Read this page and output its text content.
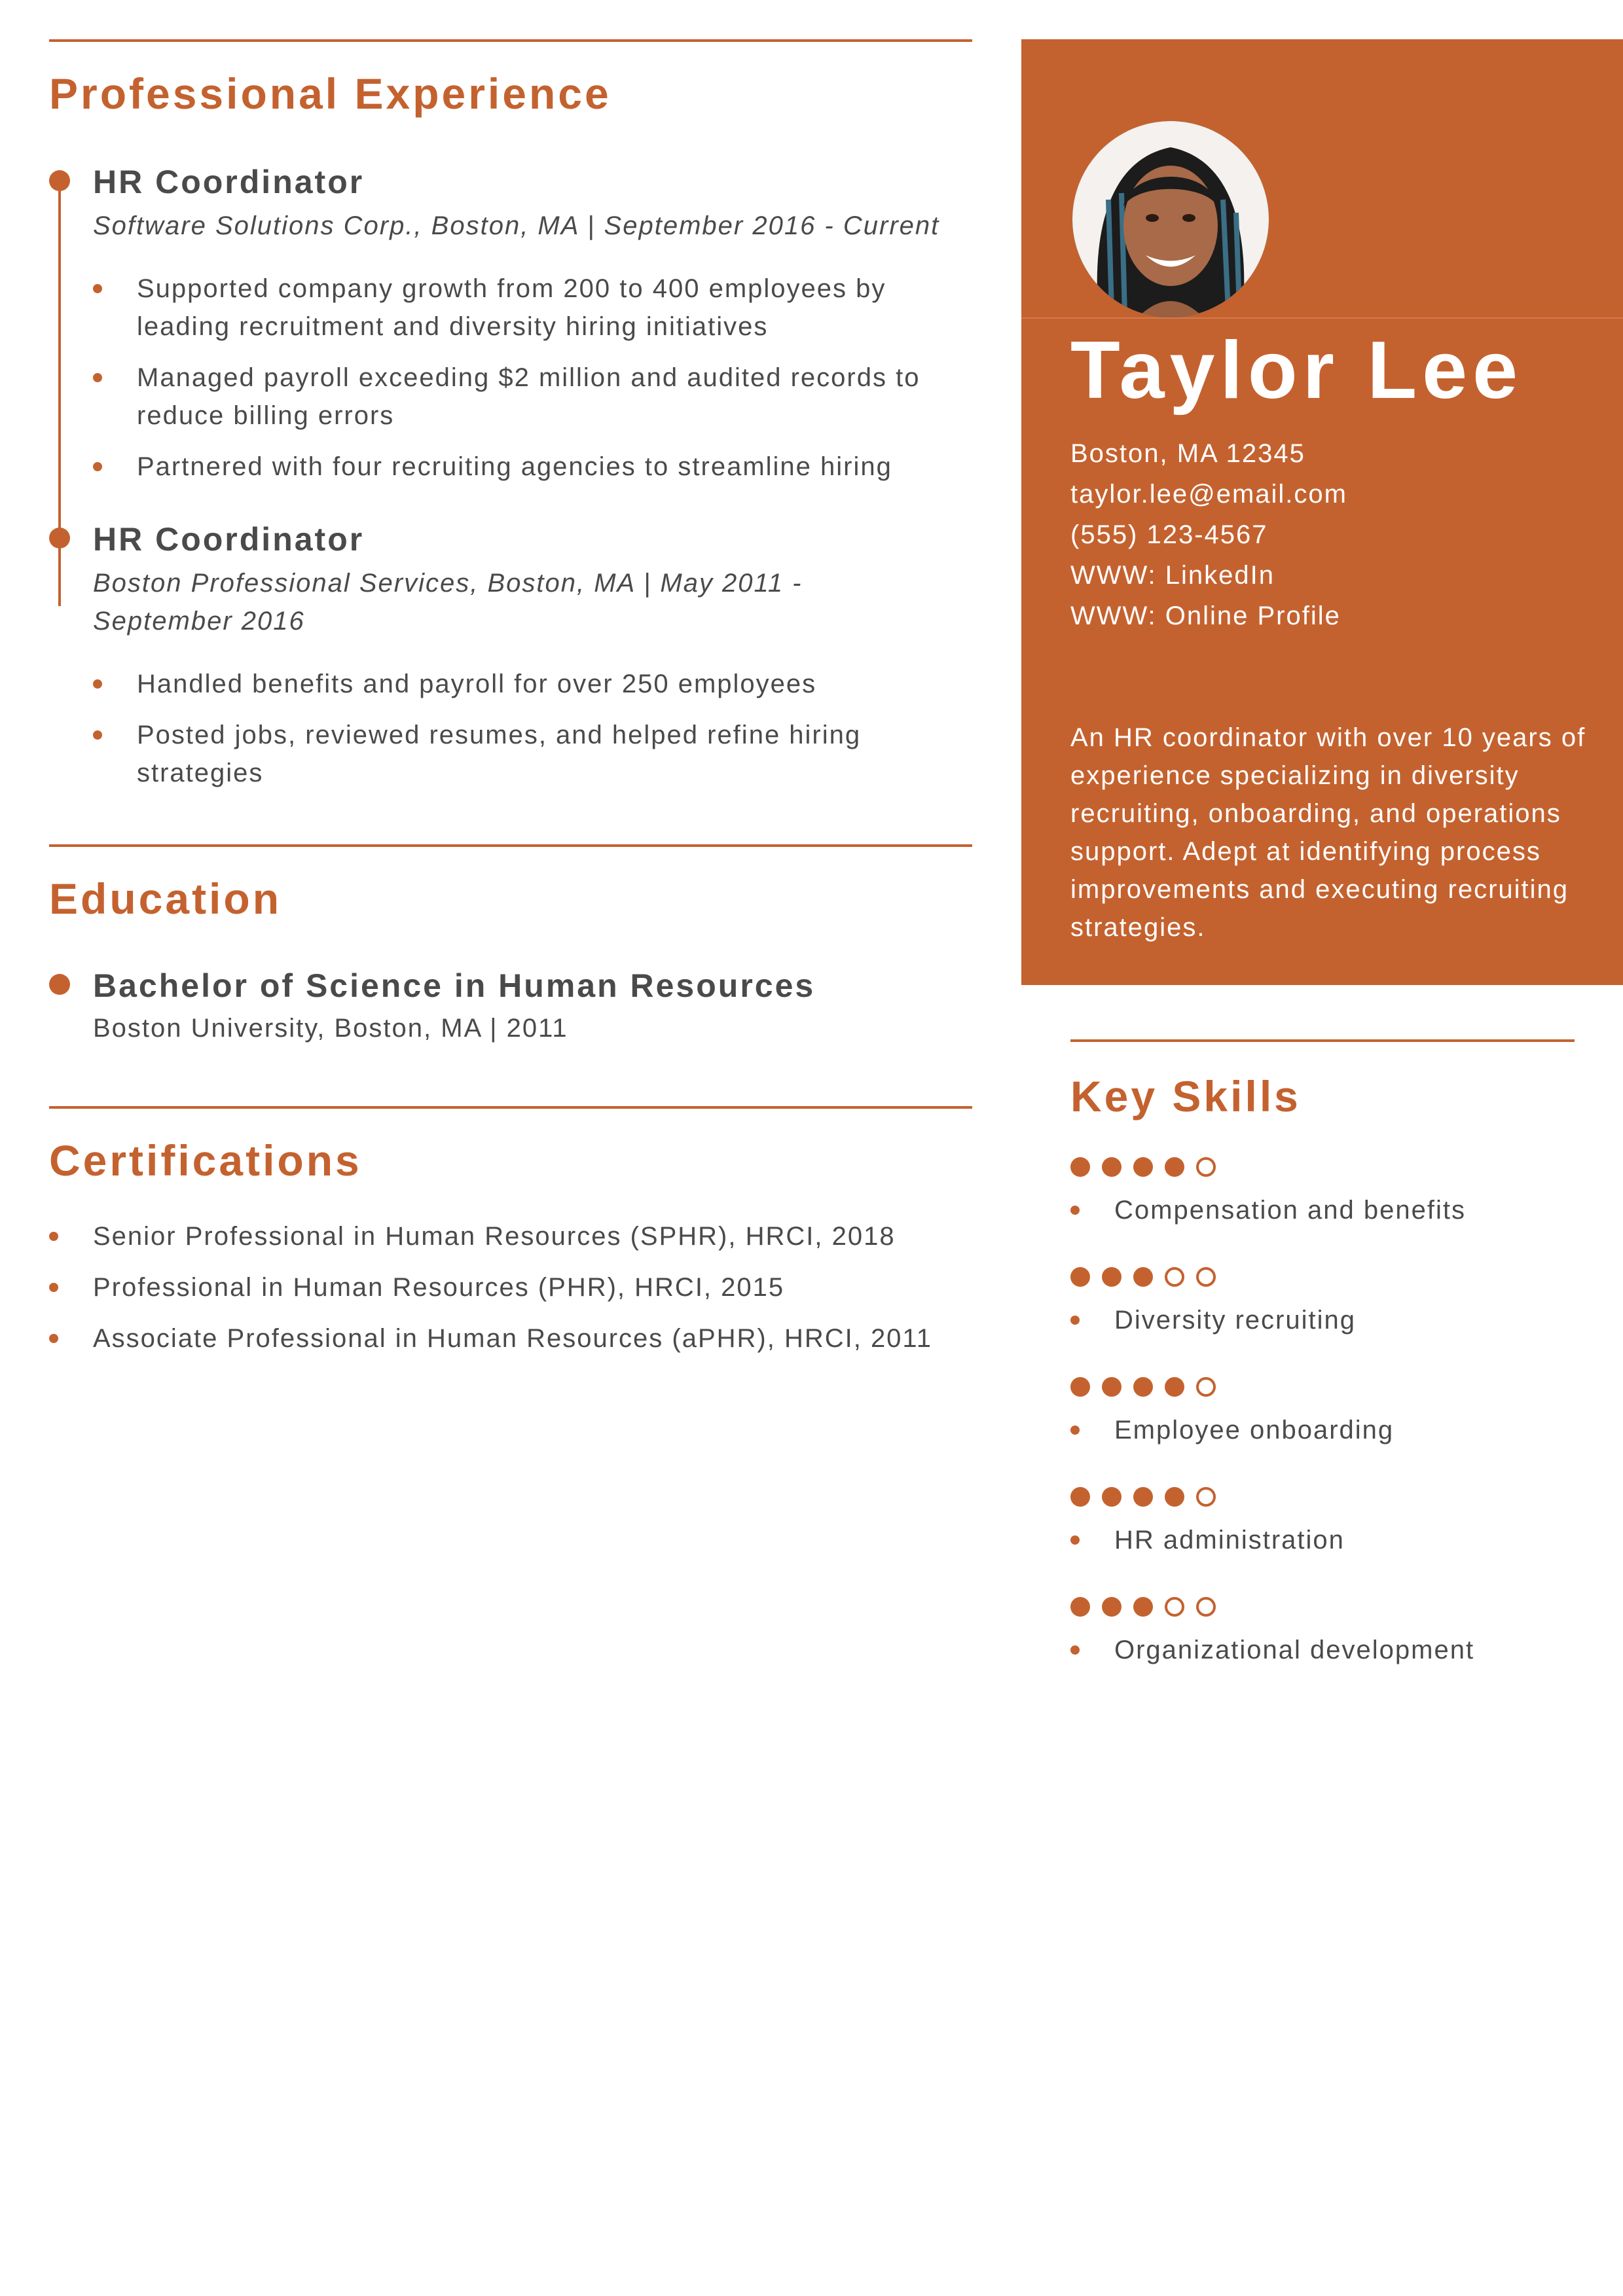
Professional Experience
HR Coordinator
Software Solutions Corp., Boston, MA | September 2016 - Current
Supported company growth from 200 to 400 employees by leading recruitment and diversity hiring initiatives
Managed payroll exceeding $2 million and audited records to reduce billing errors
Partnered with four recruiting agencies to streamline hiring
HR Coordinator
Boston Professional Services, Boston, MA | May 2011 - September 2016
Handled benefits and payroll for over 250 employees
Posted jobs, reviewed resumes, and helped refine hiring strategies
Education
Bachelor of Science in Human Resources
Boston University, Boston, MA | 2011
Certifications
Senior Professional in Human Resources (SPHR), HRCI, 2018
Professional in Human Resources (PHR), HRCI, 2015
Associate Professional in Human Resources (aPHR), HRCI, 2011
Taylor Lee
Boston, MA 12345
taylor.lee@email.com
(555) 123-4567
WWW: LinkedIn
WWW: Online Profile
An HR coordinator with over 10 years of experience specializing in diversity recruiting, onboarding, and operations support. Adept at identifying process improvements and executing recruiting strategies.
Key Skills
Compensation and benefits
Diversity recruiting
Employee onboarding
HR administration
Organizational development
